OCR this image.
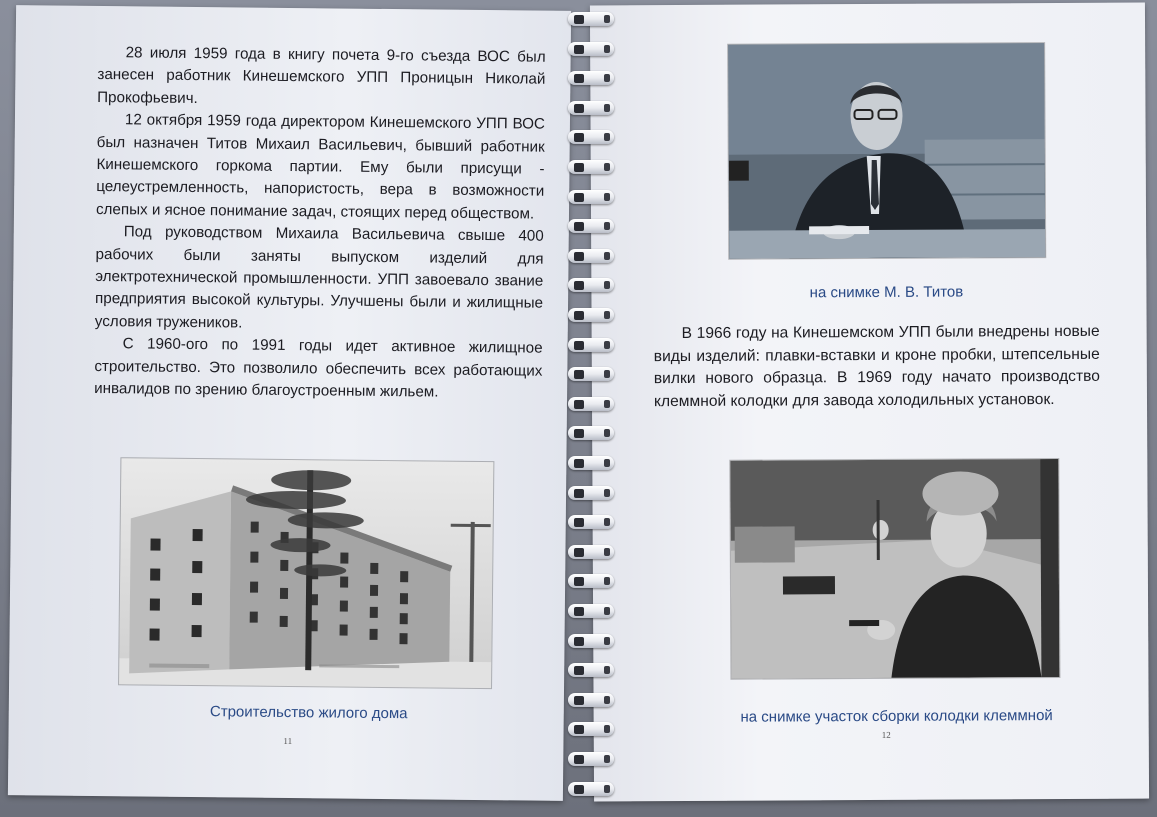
28 июля 1959 года в книгу почета 9-го съезда ВОС был занесен работник Кинешемского УПП Проницын Николай Прокофьевич.

12 октября 1959 года директором Кинешемского УПП ВОС был назначен Титов Михаил Васильевич, бывший работник Кинешемского горкома партии. Ему были присущи - целеустремленность, напористость, вера в возможности слепых и ясное понимание задач, стоящих перед обществом.

Под руководством Михаила Васильевича свыше 400 рабочих были заняты выпуском изделий для электротехнической промышленности. УПП завоевало звание предприятия высокой культуры. Улучшены были и жилищные условия тружеников.

С 1960-ого по 1991 годы идет активное жилищное строительство. Это позволило обеспечить всех работающих инвалидов по зрению благоустроенным жильем.

Строительство жилого дома
11
на снимке М. В. Титов

В 1966 году на Кинешемском УПП были внедрены новые виды изделий: плавки-вставки и кроне пробки, штепсельные вилки нового образца. В 1969 году начато производство клеммной колодки для завода холодильных установок.

на снимке участок сборки колодки клеммной
12
